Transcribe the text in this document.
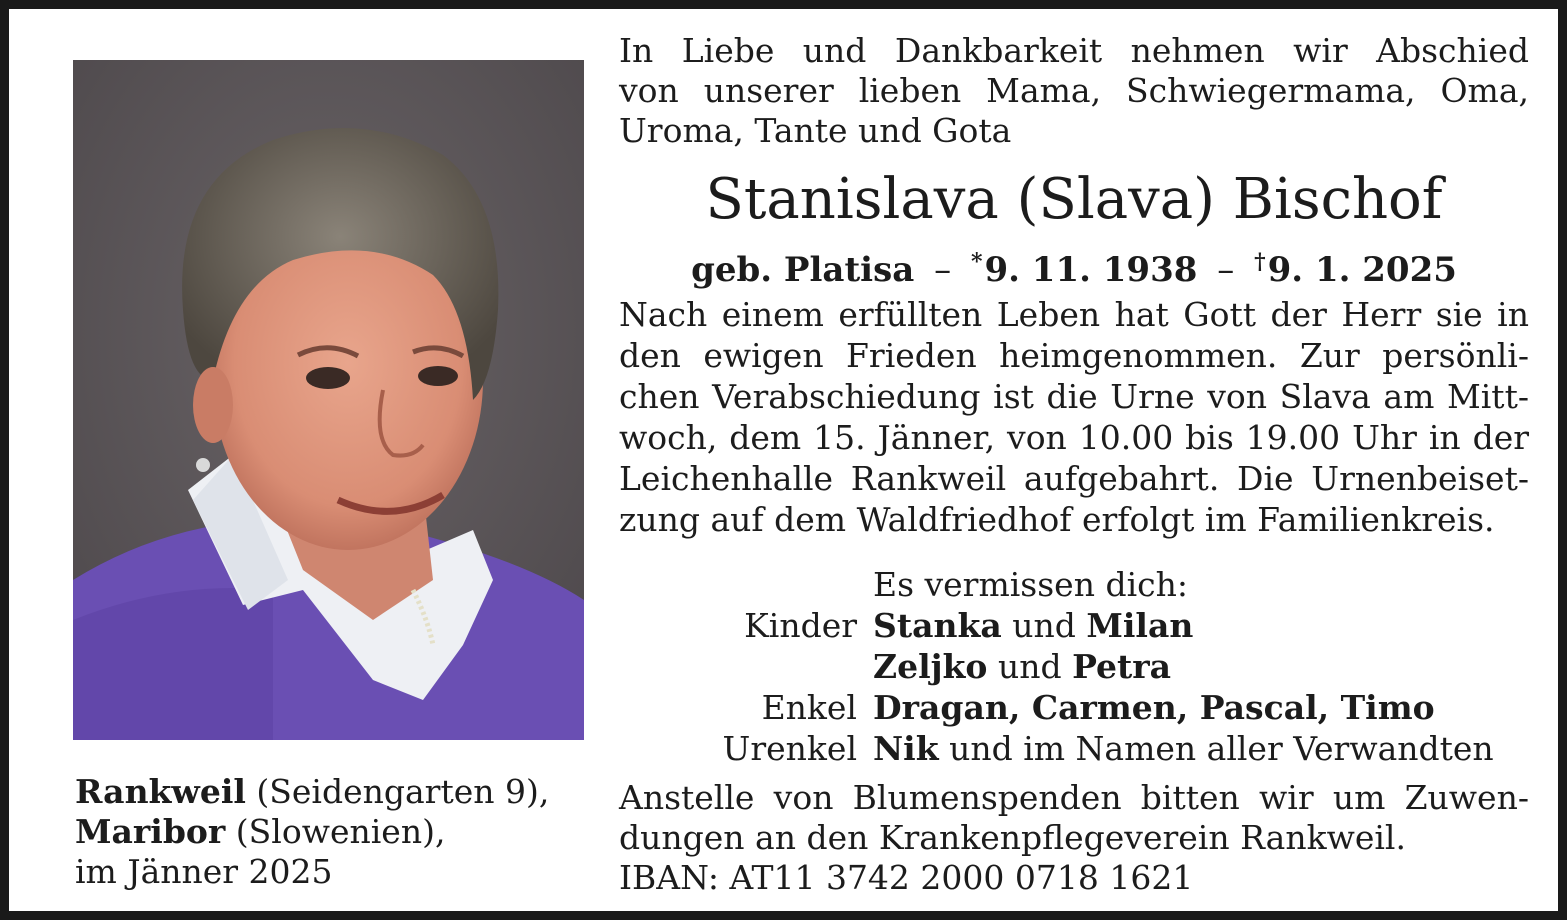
Rankweil (Seidengarten 9),
Maribor (Slowenien),
im Jänner 2025
In Liebe und Dankbarkeit nehmen wir Abschied
von unserer lieben Mama, Schwiegermama, Oma,
Uroma, Tante und Gota
Stanislava (Slava) Bischof
geb. Platisa – *9. 11. 1938 – †9. 1. 2025
Nach einem erfüllten Leben hat Gott der Herr sie in
den ewigen Frieden heimgenommen. Zur persönli-
chen Verabschiedung ist die Urne von Slava am Mitt-
woch, dem 15. Jänner, von 10.00 bis 19.00 Uhr in der
Leichenhalle Rankweil aufgebahrt. Die Urnenbeiset-
zung auf dem Waldfriedhof erfolgt im Familienkreis.
Es vermissen dich:
Kinder Stanka und Milan
Zeljko und Petra
Enkel Dragan, Carmen, Pascal, Timo
Urenkel Nik und im Namen aller Verwandten
Anstelle von Blumenspenden bitten wir um Zuwen-
dungen an den Krankenpflegeverein Rankweil.
IBAN: AT11 3742 2000 0718 1621
